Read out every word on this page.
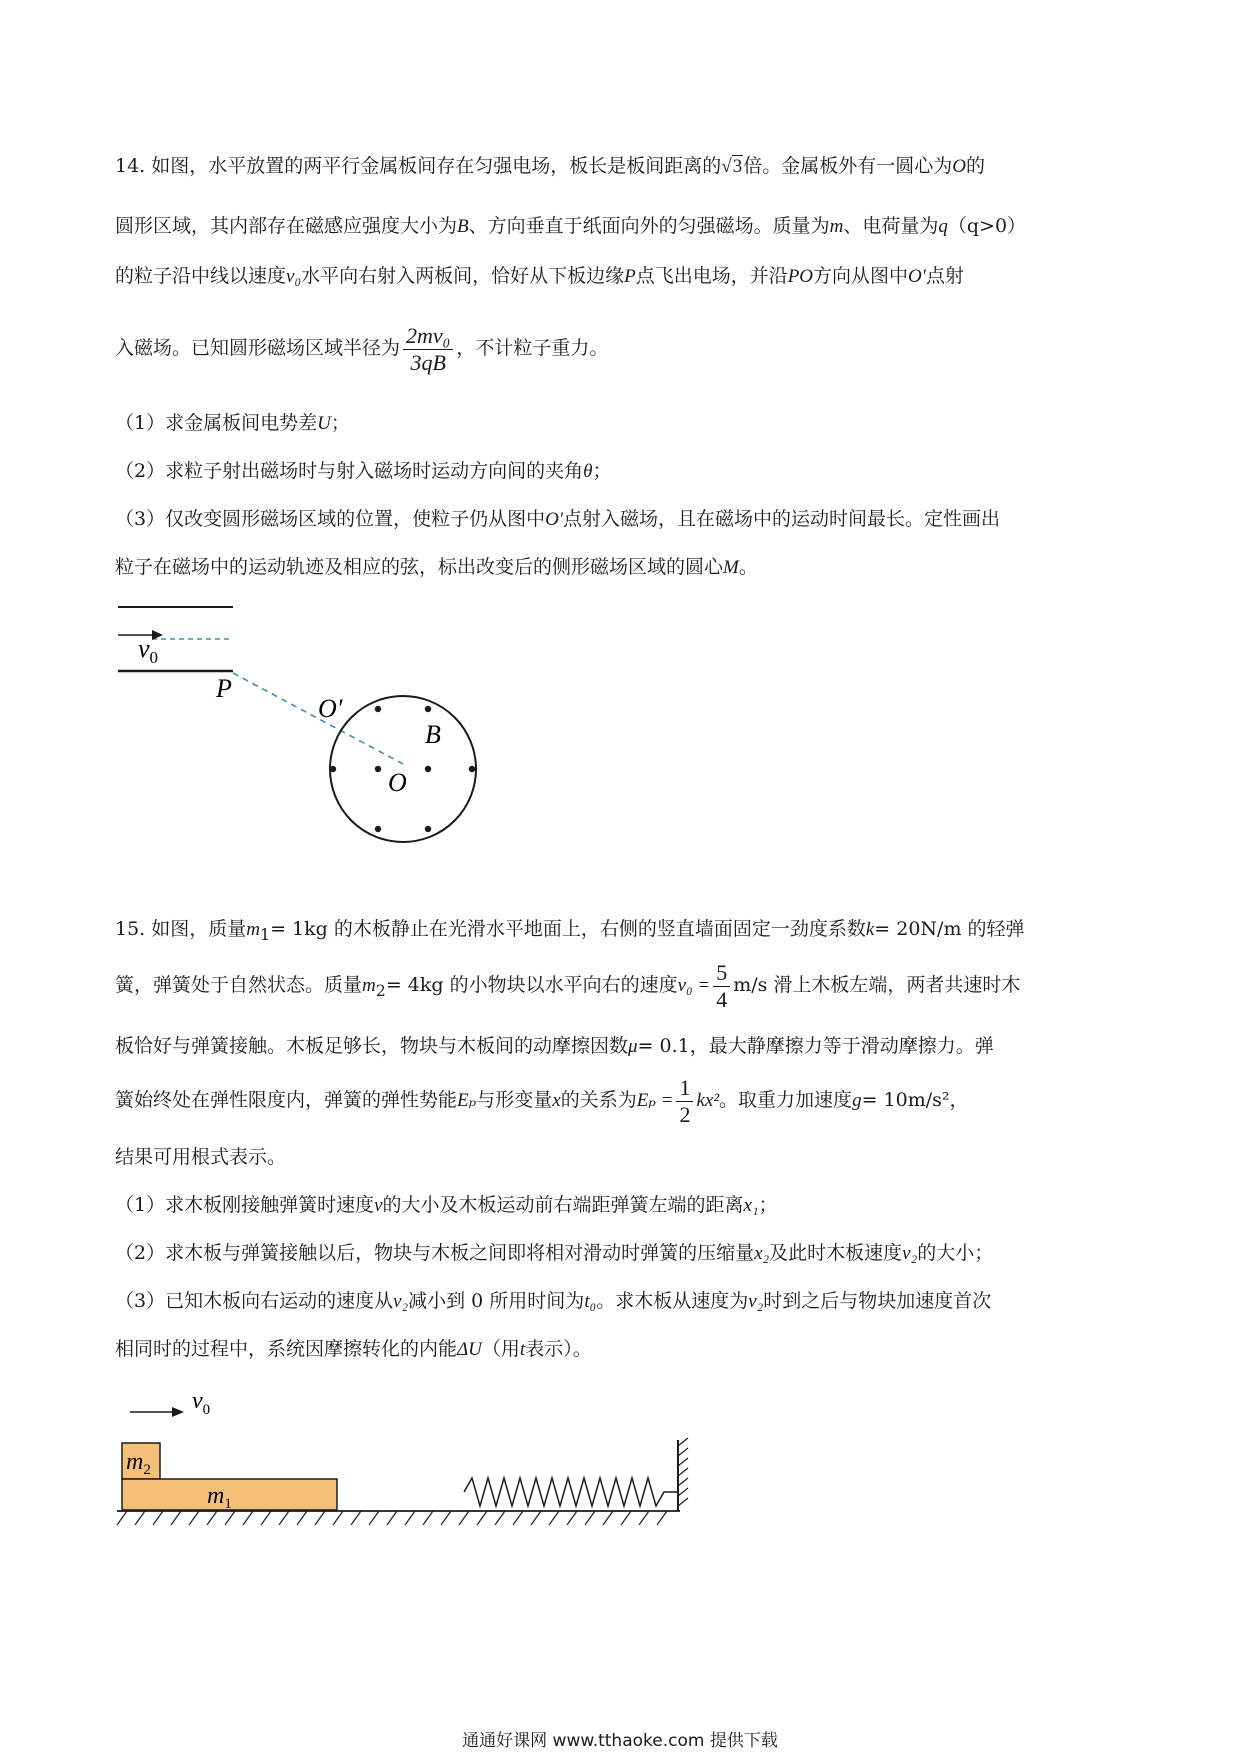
14. 如图，水平放置的两平行金属板间存在匀强电场，板长是板间距离的√3倍。金属板外有一圆心为O的
圆形区域，其内部存在磁感应强度大小为B、方向垂直于纸面向外的匀强磁场。质量为m、电荷量为q（q>0）
的粒子沿中线以速度v₀水平向右射入两板间，恰好从下板边缘P点飞出电场，并沿PO方向从图中O′点射
入磁场。已知圆形磁场区域半径为 $\frac{\text{2mv₀}}{3qB}$ ，不计粒子重力。
（1）求金属板间电势差U；
（2）求粒子射出磁场时与射入磁场时运动方向间的夹角θ；
（3）仅改变圆形磁场区域的位置，使粒子仍从图中O′点射入磁场，且在磁场中的运动时间最长。定性画出
粒子在磁场中的运动轨迹及相应的弦，标出改变后的侧形磁场区域的圆心M。
$v_0$
P
O′
B
O
15. 如图，质量$m_1= 1kg$ 的木板静止在光滑水平地面上，右侧的竖直墙面固定一劲度系数k= 20N/m 的轻弹
簧，弹簧处于自然状态。质量$m_2= 4kg$ 的小物块以水平向右的速度$v_0 = \frac{5}{4} m/s$ 滑上木板左端，两者共速时木
板恰好与弹簧接触。木板足够长，物块与木板间的动摩擦因数μ= 0.1，最大静摩擦力等于滑动摩擦力。弹
簧始终处在弹性限度内，弹簧的弹性势能Eₚ与形变量x的关系为$E_p = \frac{1}{2} kx^2$。取重力加速度g= 10m/s²，
结果可用根式表示。
（1）求木板刚接触弹簧时速度v的大小及木板运动前右端距弹簧左端的距离x₁；
（2）求木板与弹簧接触以后，物块与木板之间即将相对滑动时弹簧的压缩量x₂及此时木板速度v₂的大小；
（3）已知木板向右运动的速度从v₂减小到 0 所用时间为t₀。求木板从速度为v₂时到之后与物块加速度首次
相同时的过程中，系统因摩擦转化的内能ΔU（用t表示）。
$v_0$
$m_2$
$m_1$
通通好课网 www.tthaoke.com 提供下载
